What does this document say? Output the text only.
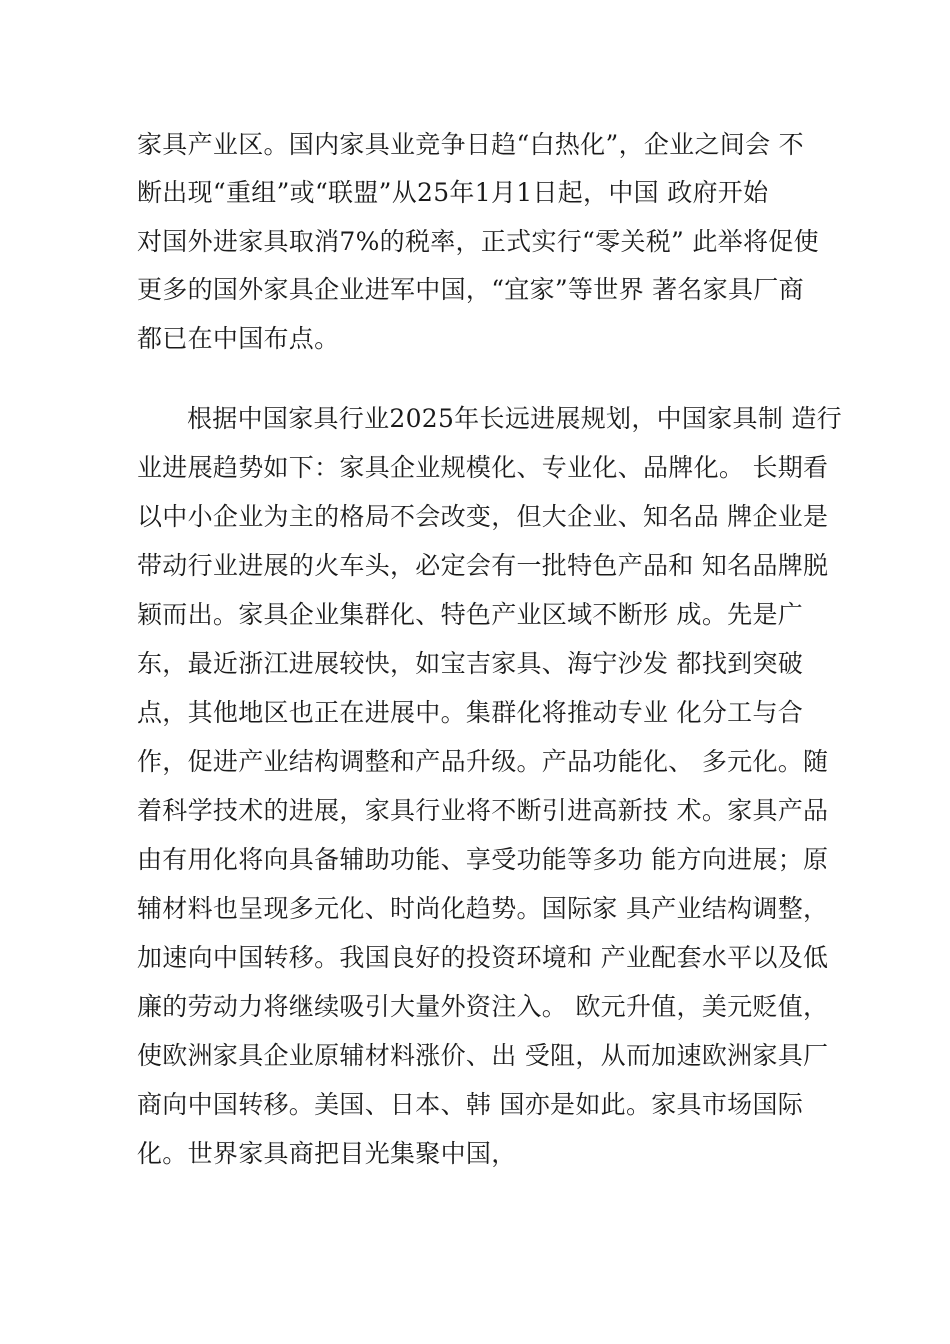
家具产业区。国内家具业竞争日趋“白热化”，企业之间会 不
断出现“重组”或“联盟”从25年1月1日起，中国 政府开始
对国外进家具取消7%的税率，正式实行“零关税” 此举将促使
更多的国外家具企业进军中国，“宜家”等世界 著名家具厂商
都已在中国布点。
根据中国家具行业2025年长远进展规划，中国家具制 造行
业进展趋势如下：家具企业规模化、专业化、品牌化。 长期看
以中小企业为主的格局不会改变，但大企业、知名品 牌企业是
带动行业进展的火车头，必定会有一批特色产品和 知名品牌脱
颖而出。家具企业集群化、特色产业区域不断形 成。先是广
东，最近浙江进展较快，如宝吉家具、海宁沙发 都找到突破
点，其他地区也正在进展中。集群化将推动专业 化分工与合
作，促进产业结构调整和产品升级。产品功能化、 多元化。随
着科学技术的进展，家具行业将不断引进高新技 术。家具产品
由有用化将向具备辅助功能、享受功能等多功 能方向进展；原
辅材料也呈现多元化、时尚化趋势。国际家 具产业结构调整，
加速向中国转移。我国良好的投资环境和 产业配套水平以及低
廉的劳动力将继续吸引大量外资注入。 欧元升值，美元贬值，
使欧洲家具企业原辅材料涨价、出 受阻，从而加速欧洲家具厂
商向中国转移。美国、日本、韩 国亦是如此。家具市场国际
化。世界家具商把目光集聚中国，
